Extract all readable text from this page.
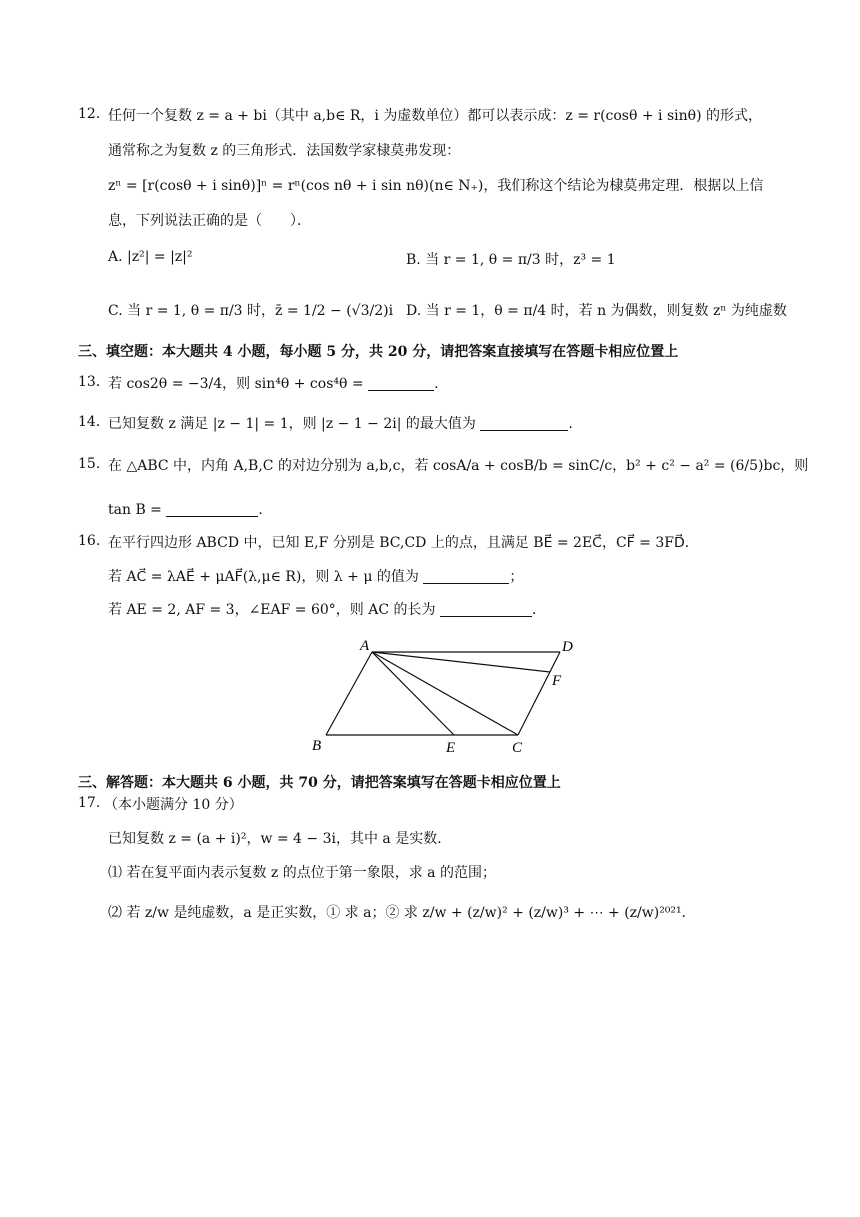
12. 任何一个复数 z = a + bi（其中 a,b∈ R，i 为虚数单位）都可以表示成：z = r(cosθ + i sinθ) 的形式，
通常称之为复数 z 的三角形式．法国数学家棣莫弗发现：
zⁿ = [r(cosθ + i sinθ)]ⁿ = rⁿ(cos nθ + i sin nθ)(n∈ N₊)，我们称这个结论为棣莫弗定理．根据以上信
息，下列说法正确的是（　　）．
A. |z²| = |z|²	B. 当 r = 1, θ = π/3 时，z³ = 1
C. 当 r = 1, θ = π/3 时，z̄ = 1/2 − (√3/2)i D. 当 r = 1，θ = π/4 时，若 n 为偶数，则复数 zⁿ 为纯虚数
三、填空题：本大题共 4 小题，每小题 5 分，共 20 分，请把答案直接填写在答题卡相应位置上
13. 若 cos2θ = −3/4，则 sin⁴θ + cos⁴θ =	.
14. 已知复数 z 满足 |z − 1| = 1，则 |z − 1 − 2i| 的最大值为	.
15. 在 △ABC 中，内角 A,B,C 的对边分别为 a,b,c，若 cosA/a + cosB/b = sinC/c，b² + c² − a² = (6/5)bc，则
tan B =	.
16. 在平行四边形 ABCD 中，已知 E,F 分别是 BC,CD 上的点，且满足 BE⃗ = 2EC⃗，CF⃗ = 3FD⃗．
若 AC⃗ = λAE⃗ + μAF⃗(λ,μ∈ R)，则 λ + μ 的值为	；
若 AE = 2, AF = 3，∠EAF = 60°，则 AC 的长为	．
A	D
F
B	E	C
三、解答题：本大题共 6 小题，共 70 分，请把答案填写在答题卡相应位置上
17. （本小题满分 10 分）
已知复数 z = (a + i)²，w = 4 − 3i，其中 a 是实数．
⑴ 若在复平面内表示复数 z 的点位于第一象限，求 a 的范围；
⑵ 若 z/w 是纯虚数，a 是正实数，① 求 a；② 求 z/w + (z/w)² + (z/w)³ + ⋯ + (z/w)²⁰²¹．
